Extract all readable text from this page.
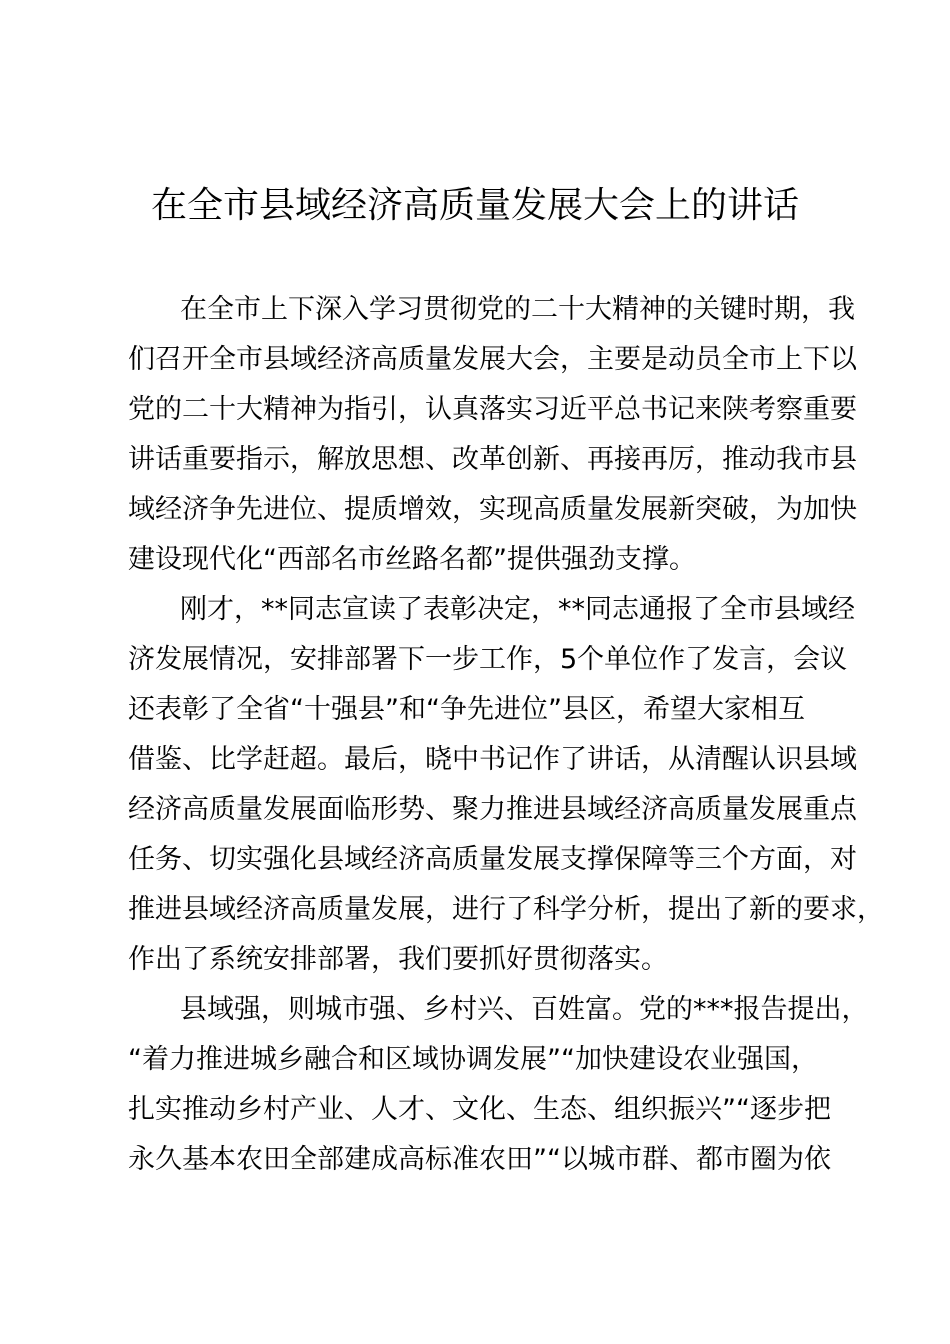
在全市县域经济高质量发展大会上的讲话
在全市上下深入学习贯彻党的二十大精神的关键时期，我
们召开全市县域经济高质量发展大会，主要是动员全市上下以
党的二十大精神为指引，认真落实习近平总书记来陕考察重要
讲话重要指示，解放思想、改革创新、再接再厉，推动我市县
域经济争先进位、提质增效，实现高质量发展新突破，为加快
建设现代化“西部名市丝路名都”提供强劲支撑。
刚才，**同志宣读了表彰决定，**同志通报了全市县域经
济发展情况，安排部署下一步工作，5个单位作了发言，会议
还表彰了全省“十强县”和“争先进位”县区，希望大家相互
借鉴、比学赶超。最后，晓中书记作了讲话，从清醒认识县域
经济高质量发展面临形势、聚力推进县域经济高质量发展重点
任务、切实强化县域经济高质量发展支撑保障等三个方面，对
推进县域经济高质量发展，进行了科学分析，提出了新的要求，
作出了系统安排部署，我们要抓好贯彻落实。
县域强，则城市强、乡村兴、百姓富。党的***报告提出，
“着力推进城乡融合和区域协调发展”“加快建设农业强国，
扎实推动乡村产业、人才、文化、生态、组织振兴”“逐步把
永久基本农田全部建成高标准农田”“以城市群、都市圈为依
